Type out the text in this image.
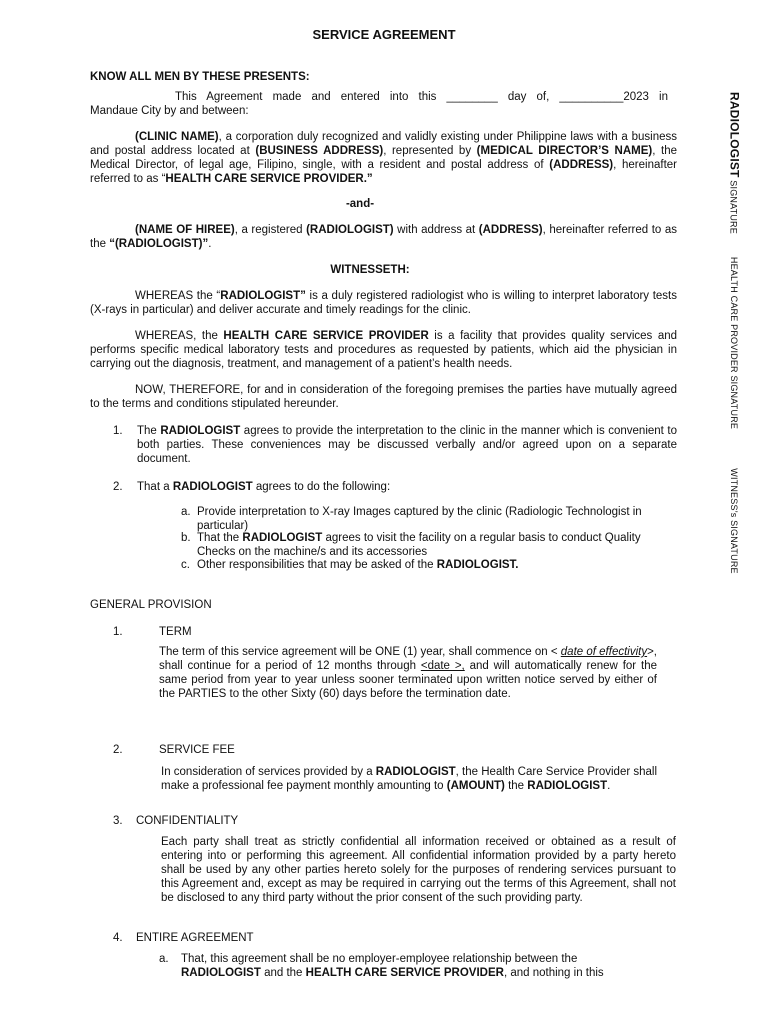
SERVICE AGREEMENT
KNOW ALL MEN BY THESE PRESENTS:
This Agreement made and entered into this ________ day of, __________2023 in
Mandaue City by and between:
(CLINIC NAME), a corporation duly recognized and validly existing under Philippine laws with a business and postal address located at (BUSINESS ADDRESS), represented by (MEDICAL DIRECTOR’S NAME), the Medical Director, of legal age, Filipino, single, with a resident and postal address of (ADDRESS), hereinafter referred to as “HEALTH CARE SERVICE PROVIDER.”
-and-
(NAME OF HIREE), a registered (RADIOLOGIST) with address at (ADDRESS), hereinafter referred to as the “(RADIOLOGIST)”.
WITNESSETH:
WHEREAS the “RADIOLOGIST” is a duly registered radiologist who is willing to interpret laboratory tests (X-rays in particular) and deliver accurate and timely readings for the clinic.
WHEREAS, the HEALTH CARE SERVICE PROVIDER is a facility that provides quality services and performs specific medical laboratory tests and procedures as requested by patients, which aid the physician in carrying out the diagnosis, treatment, and management of a patient’s health needs.
NOW, THEREFORE, for and in consideration of the foregoing premises the parties have mutually agreed to the terms and conditions stipulated hereunder.
1. The RADIOLOGIST agrees to provide the interpretation to the clinic in the manner which is convenient to both parties. These conveniences may be discussed verbally and/or agreed upon on a separate document.
2. That a RADIOLOGIST agrees to do the following:
a. Provide interpretation to X-ray Images captured by the clinic (Radiologic Technologist in particular)
b. That the RADIOLOGIST agrees to visit the facility on a regular basis to conduct Quality Checks on the machine/s and its accessories
c. Other responsibilities that may be asked of the RADIOLOGIST.
GENERAL PROVISION
1.	TERM
The term of this service agreement will be ONE (1) year, shall commence on < date of effectivity>, shall continue for a period of 12 months through <date >, and will automatically renew for the same period from year to year unless sooner terminated upon written notice served by either of the PARTIES to the other Sixty (60) days before the termination date.
2.	SERVICE FEE
In consideration of services provided by a RADIOLOGIST, the Health Care Service Provider shall make a professional fee payment monthly amounting to (AMOUNT) the RADIOLOGIST.
3. CONFIDENTIALITY
Each party shall treat as strictly confidential all information received or obtained as a result of entering into or performing this agreement. All confidential information provided by a party hereto shall be used by any other parties hereto solely for the purposes of rendering services pursuant to this Agreement and, except as may be required in carrying out the terms of this Agreement, shall not be disclosed to any third party without the prior consent of the such providing party.
4. ENTIRE AGREEMENT
a. That, this agreement shall be no employer-employee relationship between the RADIOLOGIST and the HEALTH CARE SERVICE PROVIDER, and nothing in this
RADIOLOGIST SIGNATURE
HEALTH CARE PROVIDER SIGNATURE
WITNESS’s SIGNATURE
